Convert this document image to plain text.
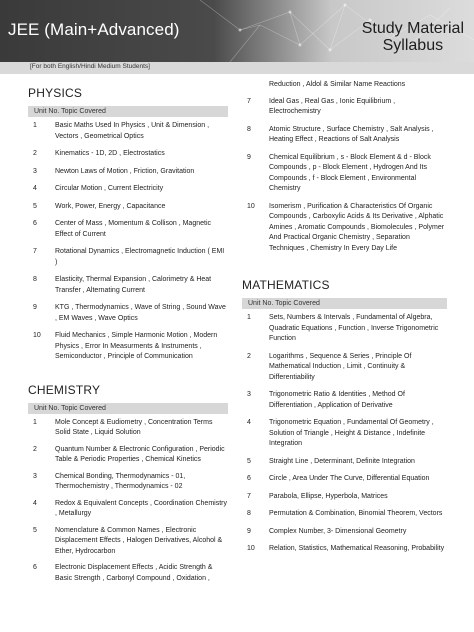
JEE (Main+Advanced)	Study Material
Syllabus
[For both English/Hindi Medium Students]
PHYSICS
Unit No. Topic Covered
1	Basic Maths Used In Physics , Unit & Dimension , Vectors , Geometrical Optics
2	Kinematics - 1D, 2D , Electrostatics
3	Newton Laws of Motion , Friction, Gravitation
4	Circular Motion , Current Electricity
5	Work, Power, Energy , Capacitance
6	Center of Mass , Momentum & Collison , Magnetic Effect of Current
7	Rotational Dynamics , Electromagnetic Induction ( EMI )
8	Elasticity, Thermal Expansion , Calorimetry & Heat Transfer , Alternating Current
9	KTG , Thermodynamics , Wave of String , Sound Wave , EM Waves , Wave Optics
10	Fluid Mechanics , Simple Harmonic Motion , Modern Physics , Error In Measurments & Instruments , Semiconductor , Principle of Communication
CHEMISTRY
Unit No. Topic Covered
1	Mole Concept & Eudiometry , Concentration Terms Solid State , Liquid Solution
2	Quantum Number & Electronic Configuration , Periodic Table & Periodic Properties , Chemical Kinetics
3	Chemical Bonding, Thermodynamics - 01, Thermochemistry , Thermodynamics - 02
4	Redox & Equivalent Concepts , Coordination Chemistry , Metallurgy
5	Nomenclature & Common Names , Electronic Displacement Effects , Halogen Derivatives, Alcohol & Ether, Hydrocarbon
6	Electronic Displacement Effects , Acidic Strength & Basic Strength , Carbonyl Compound , Oxidation ,
Reduction , Aldol & Similar Name Reactions
7	Ideal Gas , Real Gas , Ionic Equilibrium , Electrochemistry
8	Atomic Structure , Surface Chemistry , Salt Analysis , Heating Effect , Reactions of Salt Analysis
9	Chemical Equilibrium , s - Block Element & d - Block Compounds , p - Block Element , Hydrogen And Its Compounds , f - Block Element , Environmental Chemistry
10	Isomerism , Purification & Characteristics Of Organic Compounds , Carboxylic Acids & Its Derivative , Alphatic Amines , Aromatic Compounds , Biomolecules , Polymer And Practical Organic Chemistry , Separation Techniques , Chemistry In Every Day Life
MATHEMATICS
Unit No. Topic Covered
1	Sets, Numbers & Intervals , Fundamental of Algebra, Quadratic Equations , Function , Inverse Trigonometric Function
2	Logarithms , Sequence & Series , Principle Of Mathematical Induction , Limit , Continuity & Differentiability
3	Trigonometric Ratio & Identities , Method Of Differentiation , Application of Derivative
4	Trigonometric Equation , Fundamental Of Geometry , Solution of Triangle , Height & Distance , Indefinite Integration
5	Straight Line , Determinant, Definite Integration
6	Circle , Area Under The Curve, Differential Equation
7	Parabola, Ellipse, Hyperbola, Matrices
8	Permutation & Combination, Binomial Theorem, Vectors
9	Complex Number, 3- Dimensional Geometry
10	Relation, Statistics, Mathematical Reasoning, Probability
